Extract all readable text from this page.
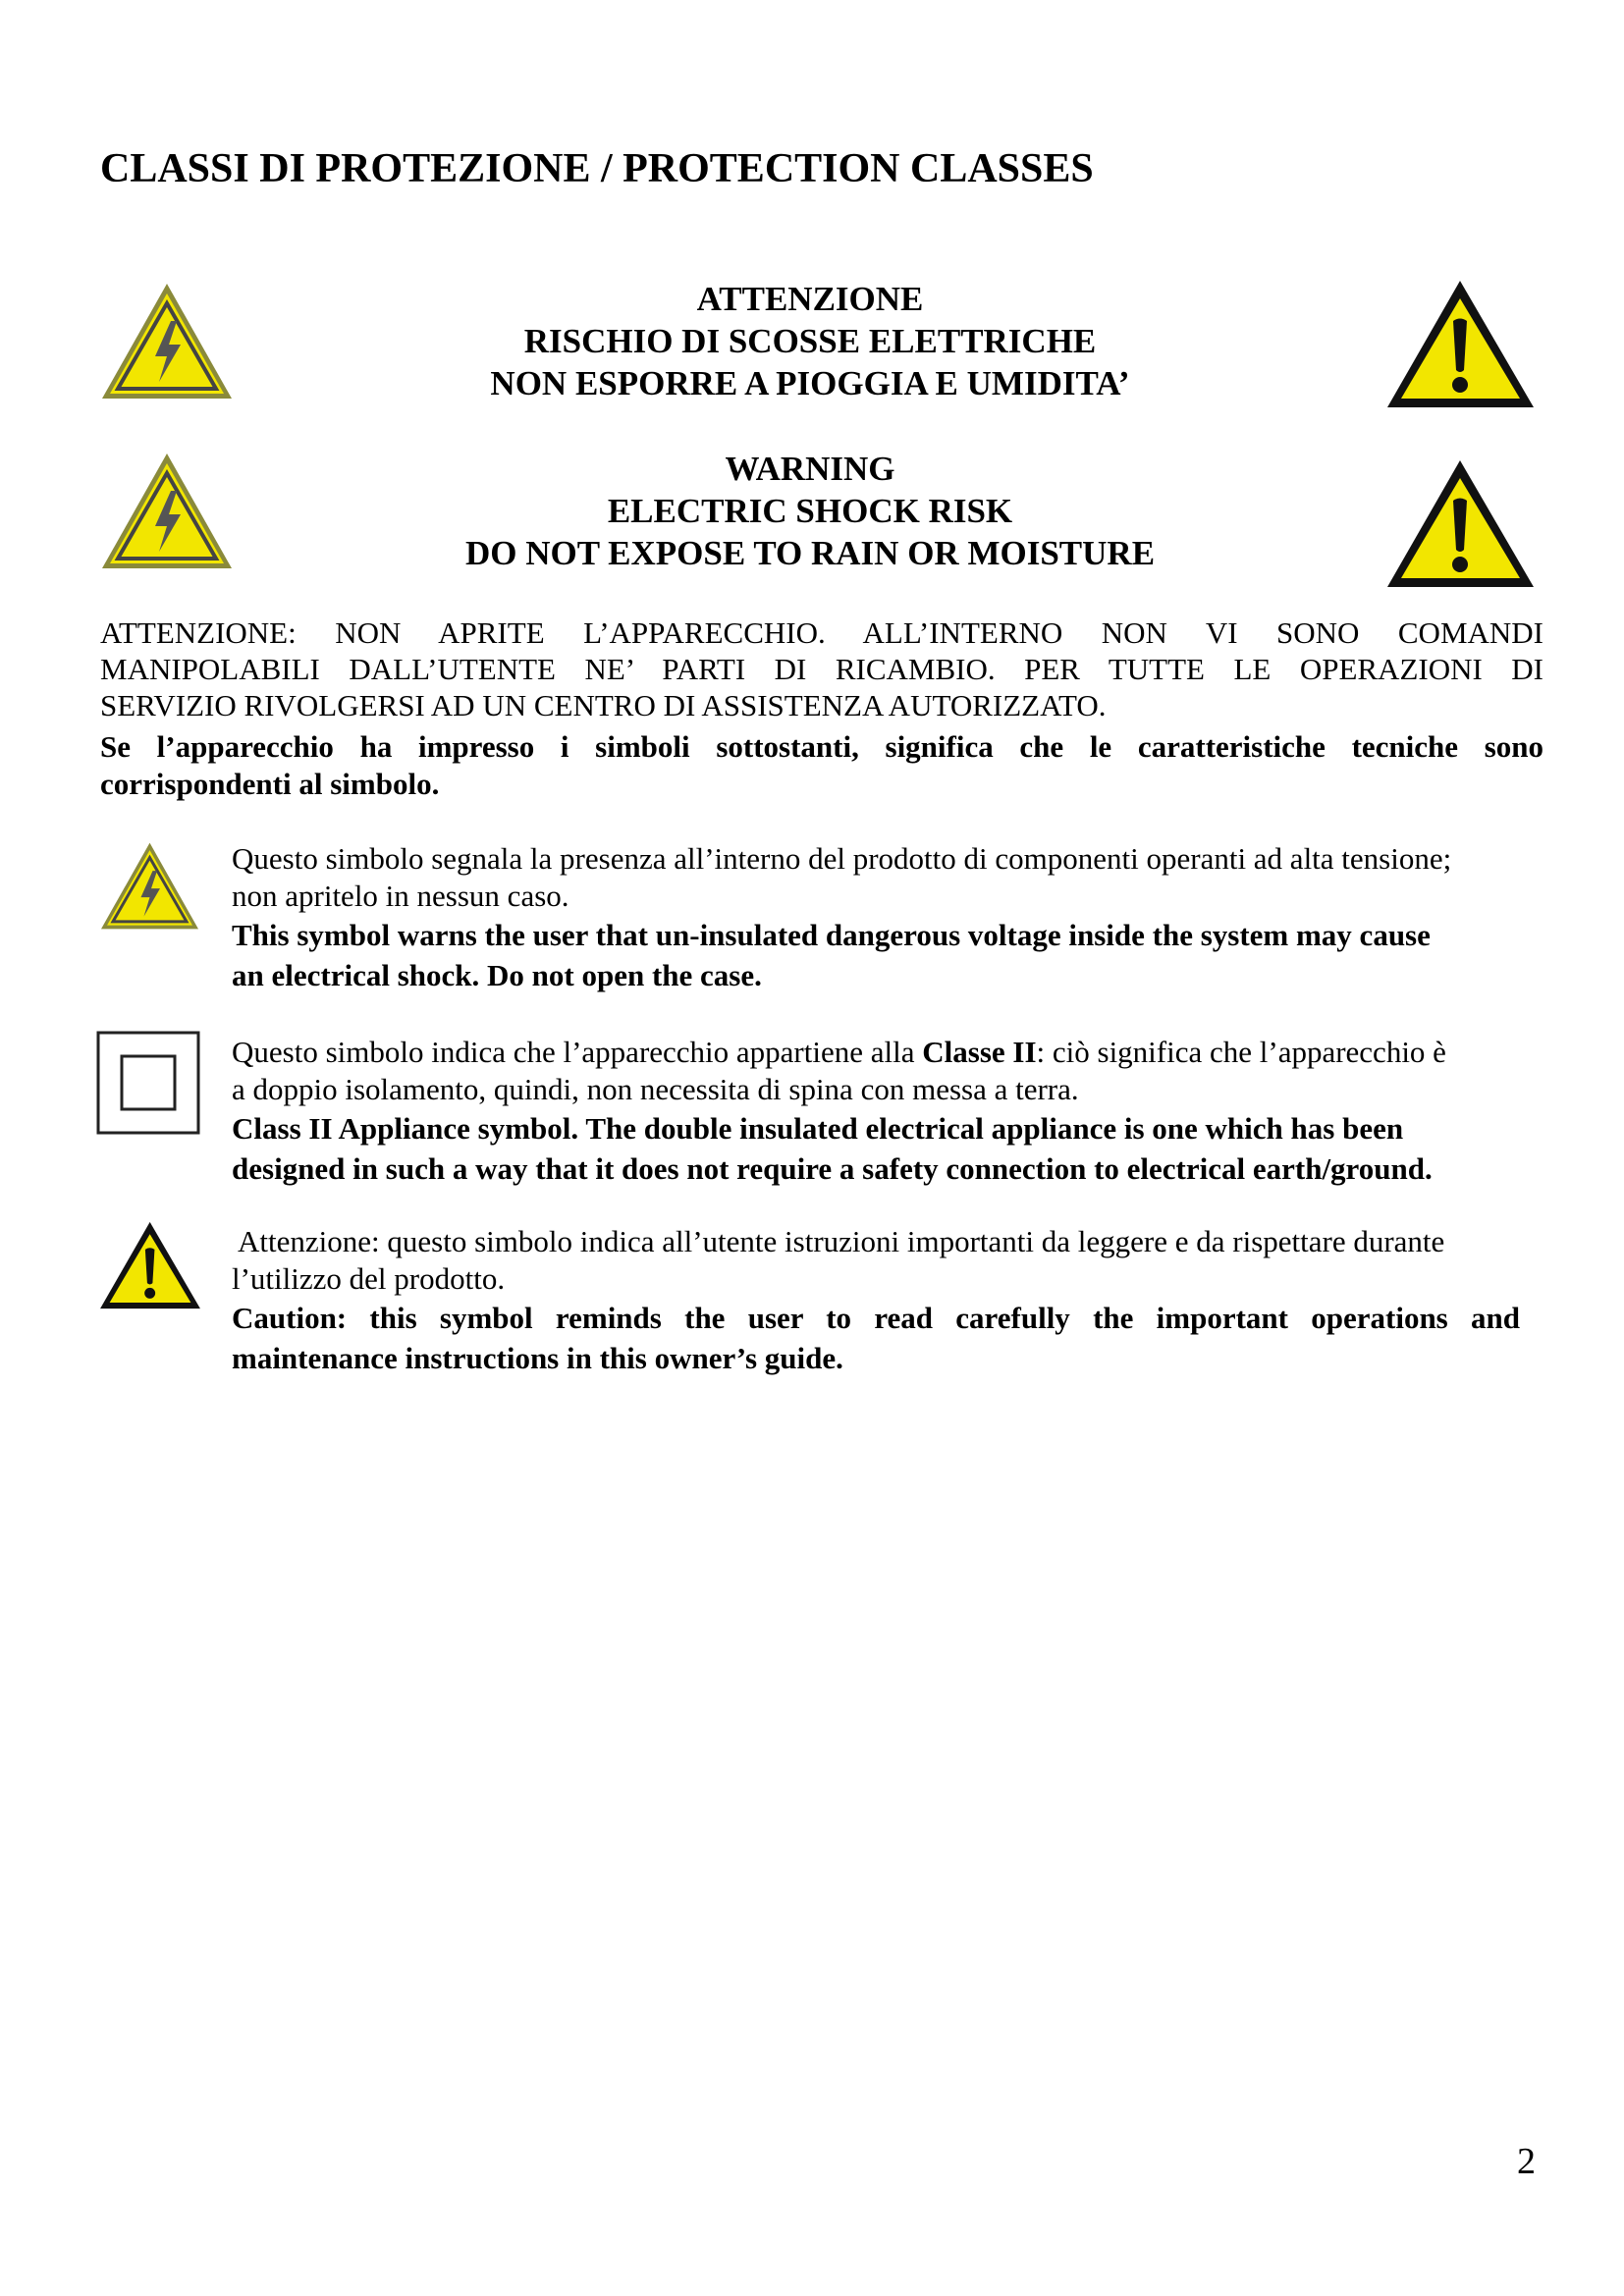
CLASSI DI PROTEZIONE / PROTECTION CLASSES
ATTENZIONE
RISCHIO DI SCOSSE ELETTRICHE
NON ESPORRE A PIOGGIA E UMIDITA’
WARNING
ELECTRIC SHOCK RISK
DO NOT EXPOSE TO RAIN OR MOISTURE
ATTENZIONE: NON APRITE L’APPARECCHIO. ALL’INTERNO NON VI SONO COMANDI
MANIPOLABILI DALL’UTENTE NE’ PARTI DI RICAMBIO. PER TUTTE LE OPERAZIONI DI
SERVIZIO RIVOLGERSI AD UN CENTRO DI ASSISTENZA AUTORIZZATO.
Se l’apparecchio ha impresso i simboli sottostanti, significa che le caratteristiche tecniche sono
corrispondenti al simbolo.
Questo simbolo segnala la presenza all’interno del prodotto di componenti operanti ad alta tensione;
non apritelo in nessun caso.
This symbol warns the user that un-insulated dangerous voltage inside the system may cause
an electrical shock. Do not open the case.
Questo simbolo indica che l’apparecchio appartiene alla Classe II: ciò significa che l’apparecchio è
a doppio isolamento, quindi, non necessita di spina con messa a terra.
Class II Appliance symbol. The double insulated electrical appliance is one which has been
designed in such a way that it does not require a safety connection to electrical earth/ground.
Attenzione: questo simbolo indica all’utente istruzioni importanti da leggere e da rispettare durante
l’utilizzo del prodotto.
Caution: this symbol reminds the user to read carefully the important operations and
maintenance instructions in this owner’s guide.
2
